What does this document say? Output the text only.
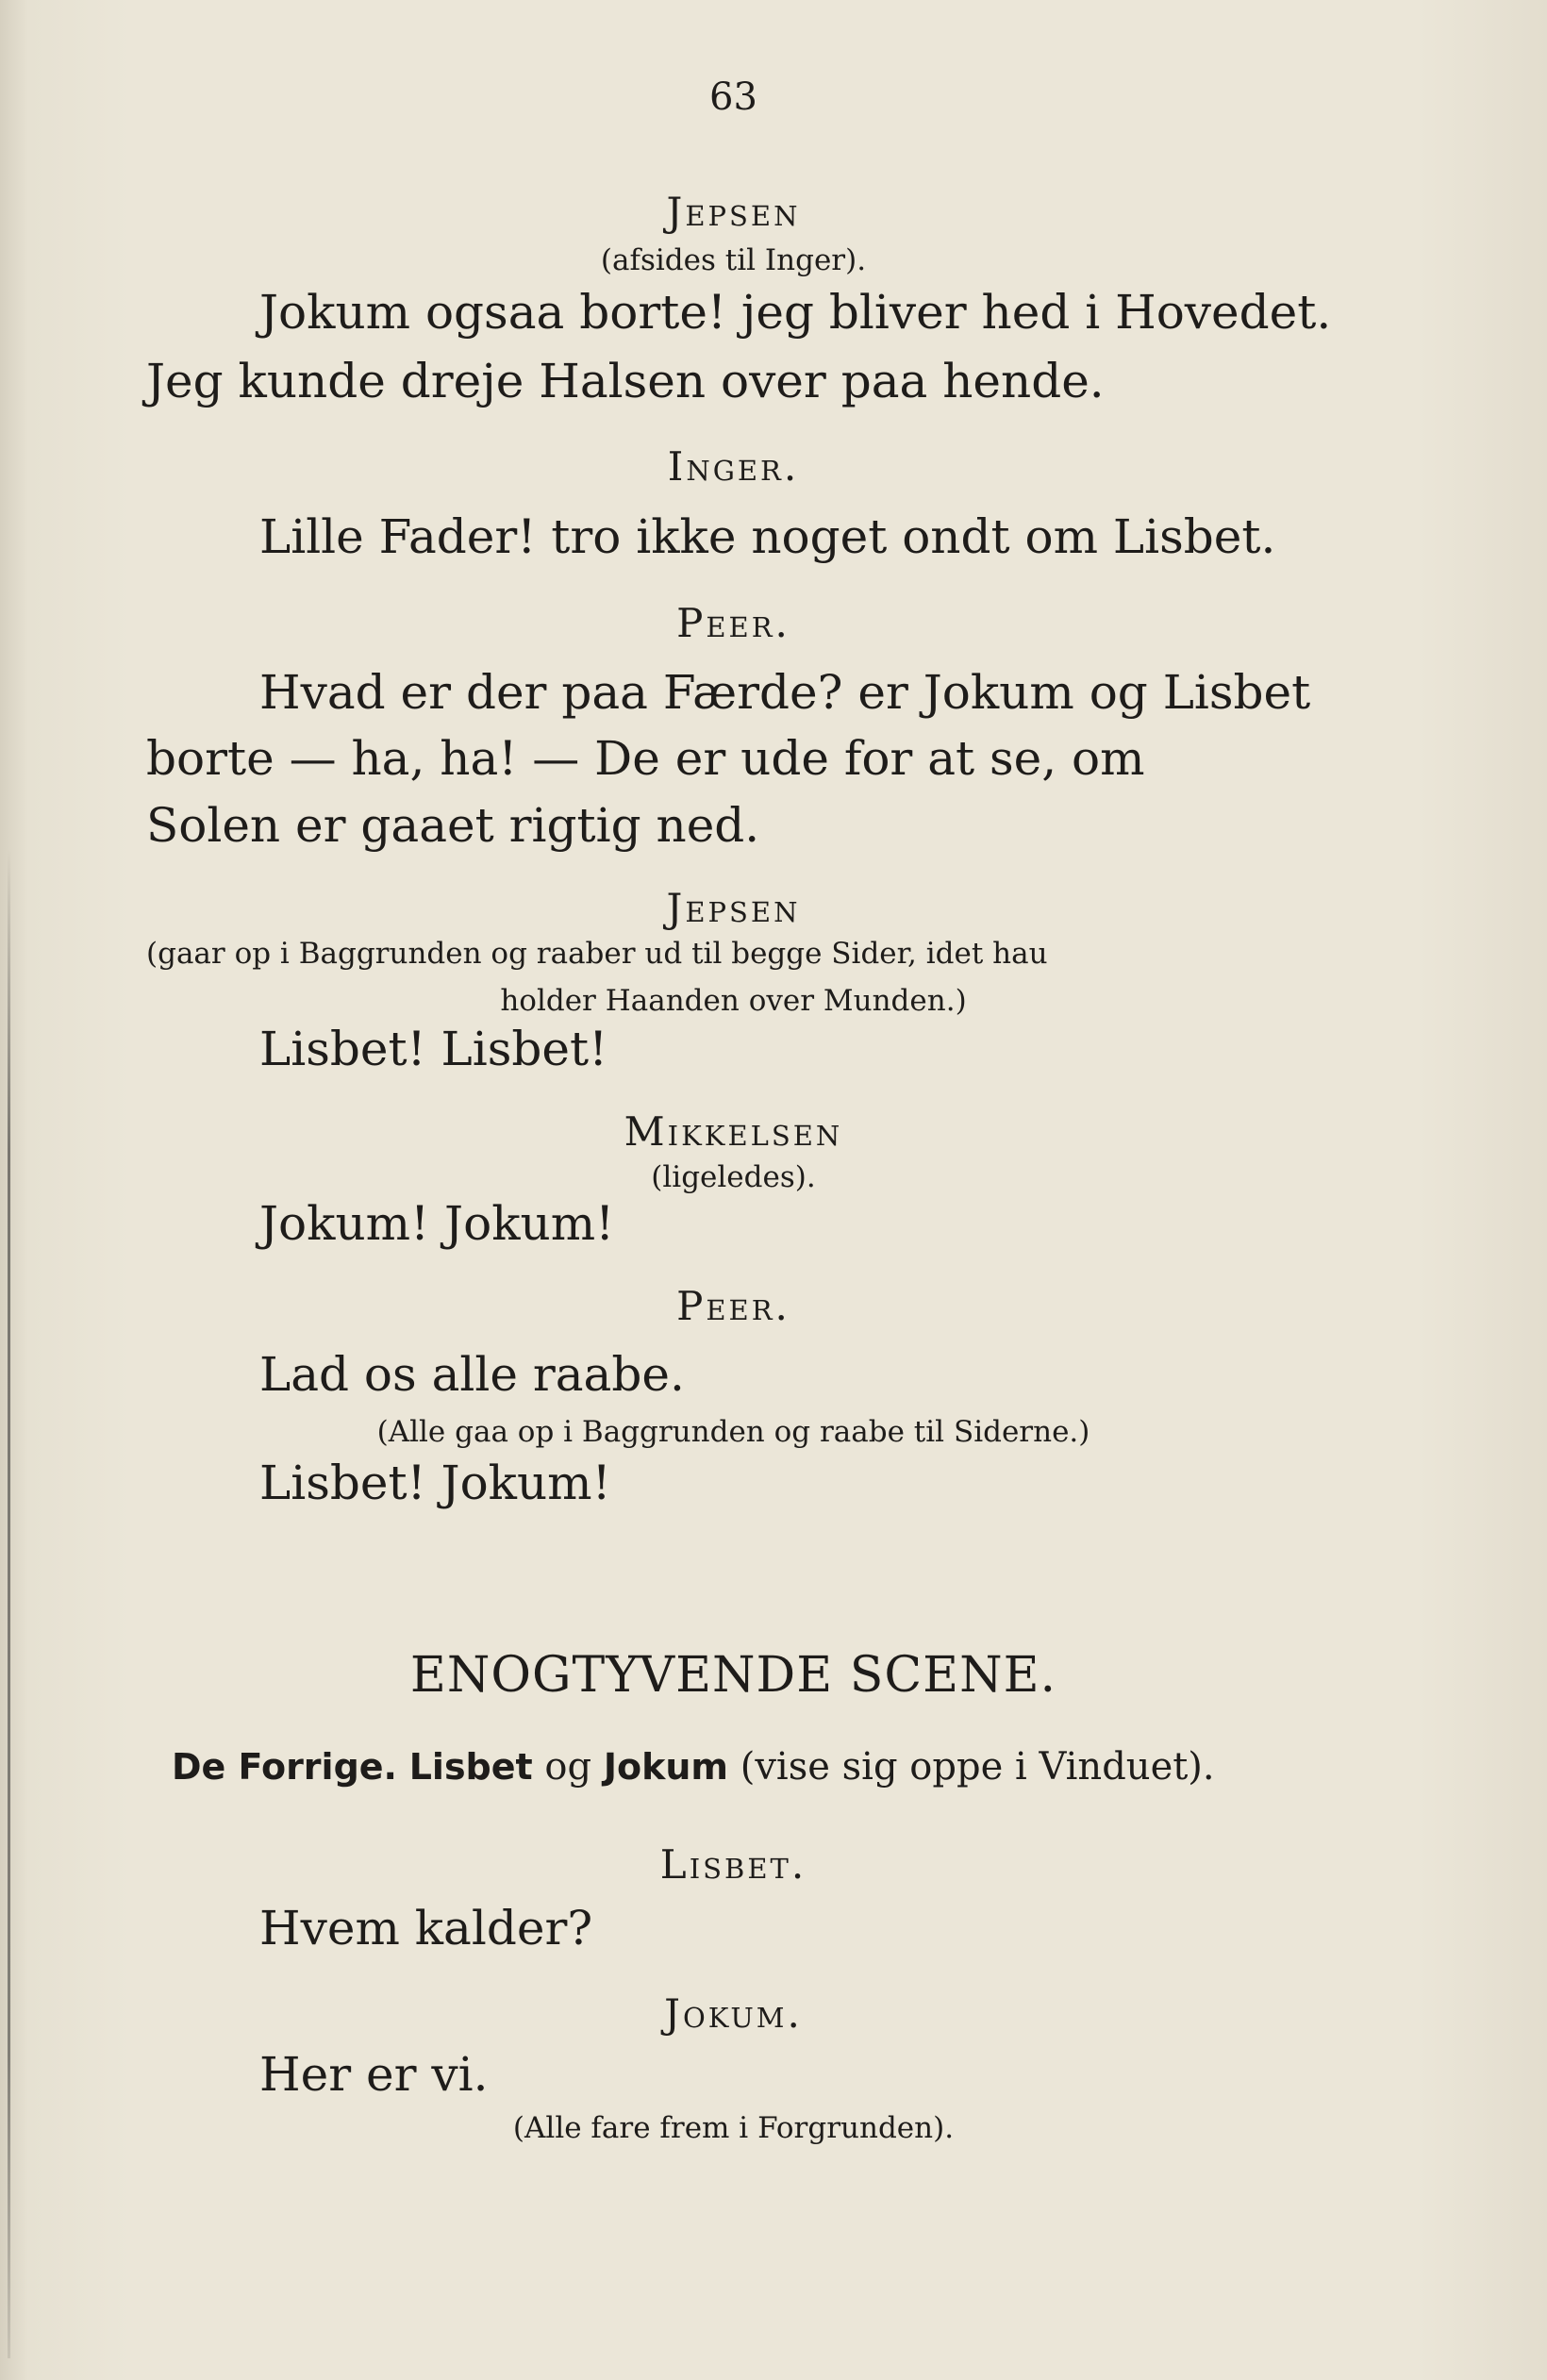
63

Jepsen

(afsides til Inger).

Jokum ogsaa borte! jeg bliver hed i Hovedet.

Jeg kunde dreje Halsen over paa hende.

Inger.

Lille Fader! tro ikke noget ondt om Lisbet.

Peer.

Hvad er der paa Færde? er Jokum og Lisbet

borte — ha, ha! — De er ude for at se, om

Solen er gaaet rigtig ned.

Jepsen

(gaar op i Baggrunden og raaber ud til begge Sider, idet hau

holder Haanden over Munden.)

Lisbet! Lisbet!

Mikkelsen

(ligeledes).

Jokum! Jokum!

Peer.

Lad os alle raabe.

(Alle gaa op i Baggrunden og raabe til Siderne.)

Lisbet! Jokum!

ENOGTYVENDE SCENE.

De Forrige. Lisbet og Jokum (vise sig oppe i Vinduet).

Lisbet.

Hvem kalder?

Jokum.

Her er vi.

(Alle fare frem i Forgrunden).
